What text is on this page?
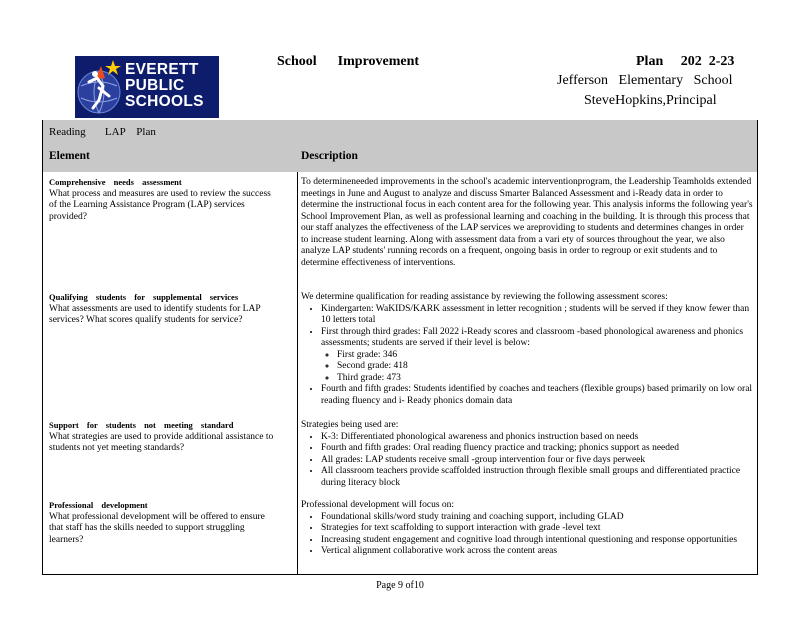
EVERETT
PUBLIC
SCHOOLS
School      Improvement	Plan     202  2-23
Jefferson   Elementary   School
SteveHopkins,Principal
Reading       LAP    Plan
Element	Description
Comprehensive needs assessment
What process and measures are used to review the success of the Learning Assistance Program (LAP) services provided?
To determineneeded improvements in the school's academic interventionprogram, the Leadership Teamholds extended meetings in June and August to analyze and discuss Smarter Balanced Assessment and i-Ready data in order to determine the instructional focus in each content area for the following year. This analysis informs the following year's School Improvement Plan, as well as professional learning and coaching in the building. It is through this process that our staff analyzes the effectiveness of the LAP services we areproviding to students and determines changes in order to increase student learning. Along with assessment data from a vari ety of sources throughout the year, we also analyze LAP students' running records on a frequent, ongoing basis in order to regroup or exit students and to determine effectiveness of interventions.
Qualifying students for supplemental services
What assessments are used to identify students for LAP services? What scores qualify students for service?
We determine qualification for reading assistance by reviewing the following assessment scores:
• Kindergarten: WaKIDS/KARK assessment in letter recognition ; students will be served if they know fewer than 10 letters total
• First through third grades: Fall 2022 i-Ready scores and classroom -based phonological awareness and phonics assessments; students are served if their level is below:
◦ First grade: 346
◦ Second grade: 418
◦ Third grade: 473
• Fourth and fifth grades: Students identified by coaches and teachers (flexible groups) based primarily on low oral reading fluency and i- Ready phonics domain data
Support for students not meeting standard
What strategies are used to provide additional assistance to students not yet meeting standards?
Strategies being used are:
• K-3: Differentiated phonological awareness and phonics instruction based on needs
• Fourth and fifth grades: Oral reading fluency practice and tracking; phonics support as needed
• All grades: LAP students receive small -group intervention four or five days perweek
• All classroom teachers provide scaffolded instruction through flexible small groups and differentiated practice during literacy block
Professional development
What professional development will be offered to ensure that staff has the skills needed to support struggling learners?
Professional development will focus on:
• Foundational skills/word study training and coaching support, including GLAD
• Strategies for text scaffolding to support interaction with grade -level text
• Increasing student engagement and cognitive load through intentional questioning and response opportunities
• Vertical alignment collaborative work across the content areas
Page 9 of10
